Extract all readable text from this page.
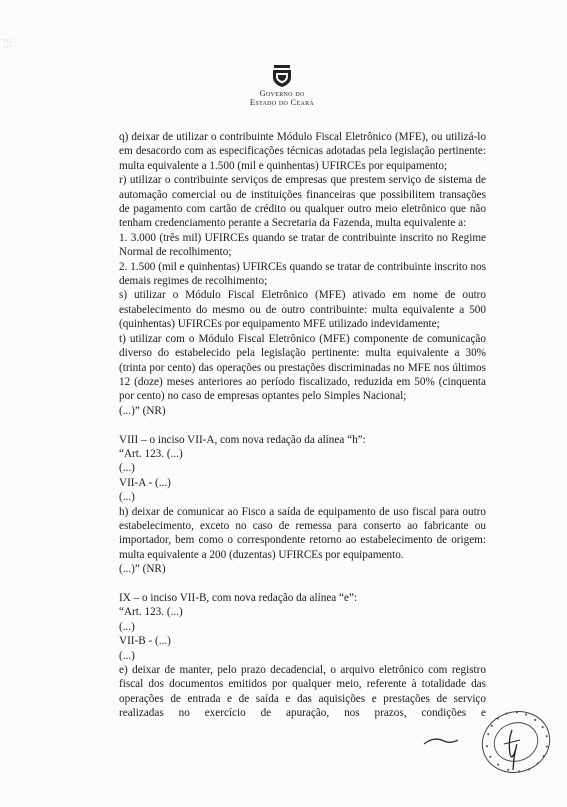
:·:
·:·
Governo do
Estado do Ceará

q) deixar de utilizar o contribuinte Módulo Fiscal Eletrônico (MFE), ou utilizá-lo em desacordo com as especificações técnicas adotadas pela legislação pertinente: multa equivalente a 1.500 (mil e quinhentas) UFIRCEs por equipamento;

r) utilizar o contribuinte serviços de empresas que prestem serviço de sistema de automação comercial ou de instituições financeiras que possibilitem transações de pagamento com cartão de crédito ou qualquer outro meio eletrônico que não tenham credenciamento perante a Secretaria da Fazenda, multa equivalente a:

1. 3.000 (três mil) UFIRCEs quando se tratar de contribuinte inscrito no Regime Normal de recolhimento;

2. 1.500 (mil e quinhentas) UFIRCEs quando se tratar de contribuinte inscrito nos demais regimes de recolhimento;

s) utilizar o Módulo Fiscal Eletrônico (MFE) ativado em nome de outro estabelecimento do mesmo ou de outro contribuinte: multa equivalente a 500 (quinhentas) UFIRCEs por equipamento MFE utilizado indevidamente;

t) utilizar com o Módulo Fiscal Eletrônico (MFE) componente de comunicação diverso do estabelecido pela legislação pertinente: multa equivalente a 30% (trinta por cento) das operações ou prestações discriminadas no MFE nos últimos 12 (doze) meses anteriores ao período fiscalizado, reduzida em 50% (cinquenta por cento) no caso de empresas optantes pelo Simples Nacional;

(...)” (NR)

VIII – o inciso VII-A, com nova redação da alínea “h”:

“Art. 123. (...)

(...)

VII-A - (...)

(...)

h) deixar de comunicar ao Fisco a saída de equipamento de uso fiscal para outro estabelecimento, exceto no caso de remessa para conserto ao fabricante ou importador, bem como o correspondente retorno ao estabelecimento de origem: multa equivalente a 200 (duzentas) UFIRCEs por equipamento.

(...)” (NR)

IX – o inciso VII-B, com nova redação da alínea “e”:

“Art. 123. (...)

(...)

VII-B - (...)

(...)

e) deixar de manter, pelo prazo decadencial, o arquivo eletrônico com registro fiscal dos documentos emitidos por qualquer meio, referente à totalidade das operações de entrada e de saída e das aquisições e prestações de serviço realizadas no exercício de apuração, nos prazos, condições e
